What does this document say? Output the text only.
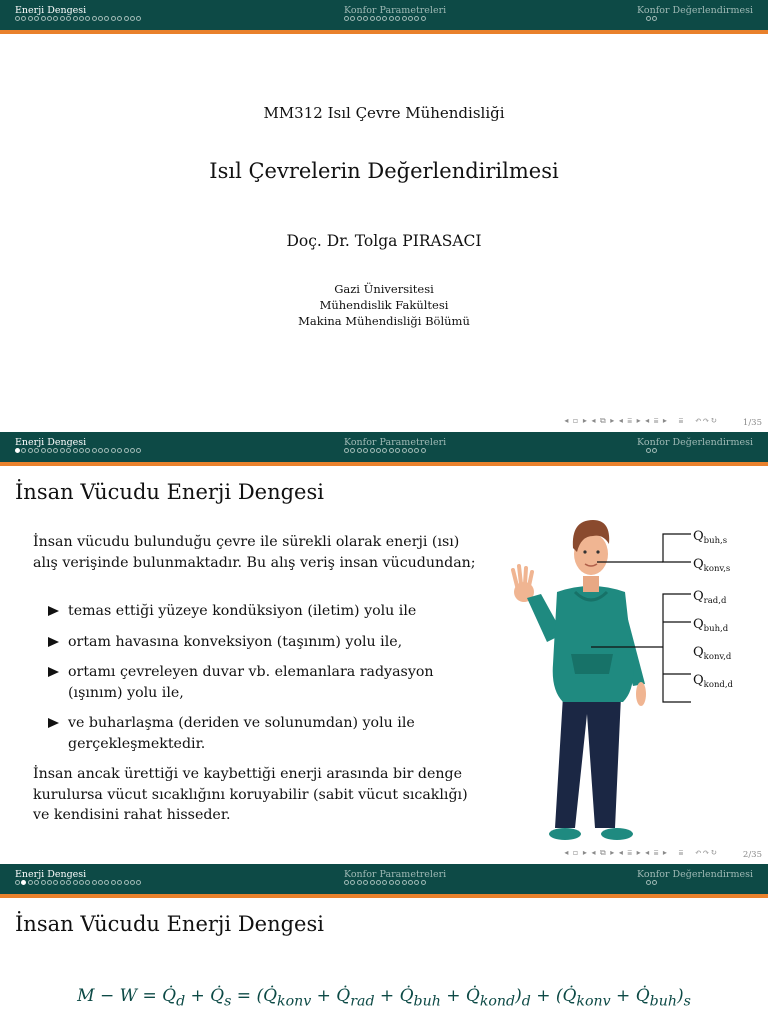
Enerji Dengesi	Konfor Parametreleri	Konfor Değerlendirmesi
MM312 Isıl Çevre Mühendisliği
Isıl Çevrelerin Değerlendirilmesi
Doç. Dr. Tolga PIRASACI
Gazi Üniversitesi
Mühendislik Fakültesi
Makina Mühendisliği Bölümü
◂ ▫ ▸ ◂ ⧉ ▸ ◂ ≣ ▸ ◂ ≣ ▸   ≣   ↶↷↻	1/35
Enerji Dengesi	Konfor Parametreleri	Konfor Değerlendirmesi
İnsan Vücudu Enerji Dengesi
İnsan vücudu bulunduğu çevre ile sürekli olarak enerji (ısı) alış verişinde bulunmaktadır. Bu alış veriş insan vücudundan;
temas ettiği yüzeye kondüksiyon (iletim) yolu ile
ortam havasına konveksiyon (taşınım) yolu ile,
ortamı çevreleyen duvar vb. elemanlara radyasyon (ışınım) yolu ile,
ve buharlaşma (deriden ve solunumdan) yolu ile gerçekleşmektedir.
İnsan ancak ürettiği ve kaybettiği enerji arasında bir denge kurulursa vücut sıcaklığını koruyabilir (sabit vücut sıcaklığı) ve kendisini rahat hisseder.
$Q_{buh,s}$
$Q_{konv,s}$
$Q_{rad,d}$
$Q_{buh,d}$
$Q_{konv,d}$
$Q_{kond,d}$
◂ ▫ ▸ ◂ ⧉ ▸ ◂ ≣ ▸ ◂ ≣ ▸   ≣   ↶↷↻	2/35
Enerji Dengesi	Konfor Parametreleri	Konfor Değerlendirmesi
İnsan Vücudu Enerji Dengesi
$M - W = Q̇_d$ + $Q̇_s$ = ($Q̇_{konv}$ + $Q̇_{rad}$ + $Q̇_{buh}$ + $Q̇_{kond})_d$ + ($Q̇_{konv}$ + $Q̇_{buh})_s$
